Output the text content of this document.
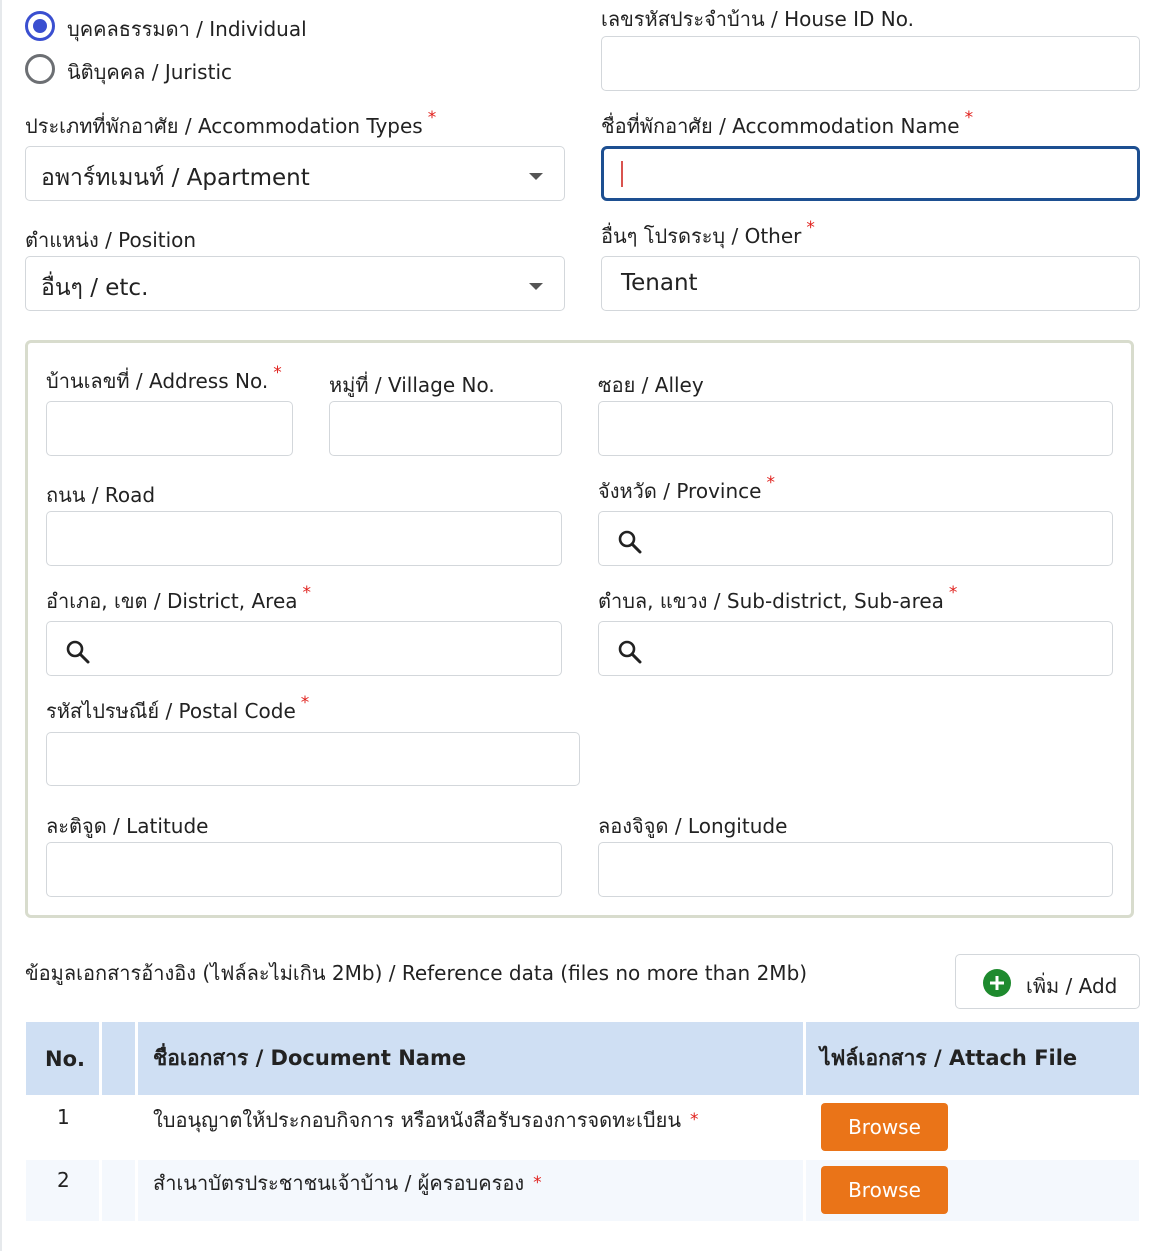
บุคคลธรรมดา / Individual
นิติบุคคล / Juristic
เลขรหัสประจำบ้าน / House ID No.
ประเภทที่พักอาศัย / Accommodation Types *
อพาร์ทเมนท์ / Apartment
ชื่อที่พักอาศัย / Accommodation Name *
ตำแหน่ง / Position
อื่นๆ / etc.
อื่นๆ โปรดระบุ / Other *
Tenant
บ้านเลขที่ / Address No. * หมู่ที่ / Village No.	ซอย / Alley
ถนน / Road	จังหวัด / Province *
อำเภอ, เขต / District, Area *	ตำบล, แขวง / Sub-district, Sub-area *
รหัสไปรษณีย์ / Postal Code *
ละติจูด / Latitude	ลองจิจูด / Longitude
ข้อมูลเอกสารอ้างอิง (ไฟล์ละไม่เกิน 2Mb) / Reference data (files no more than 2Mb)
เพิ่ม / Add
No.	ชื่อเอกสาร / Document Name	ไฟล์เอกสาร / Attach File
1	ใบอนุญาตให้ประกอบกิจการ หรือหนังสือรับรองการจดทะเบียน *	Browse
2	สำเนาบัตรประชาชนเจ้าบ้าน / ผู้ครอบครอง *	Browse
